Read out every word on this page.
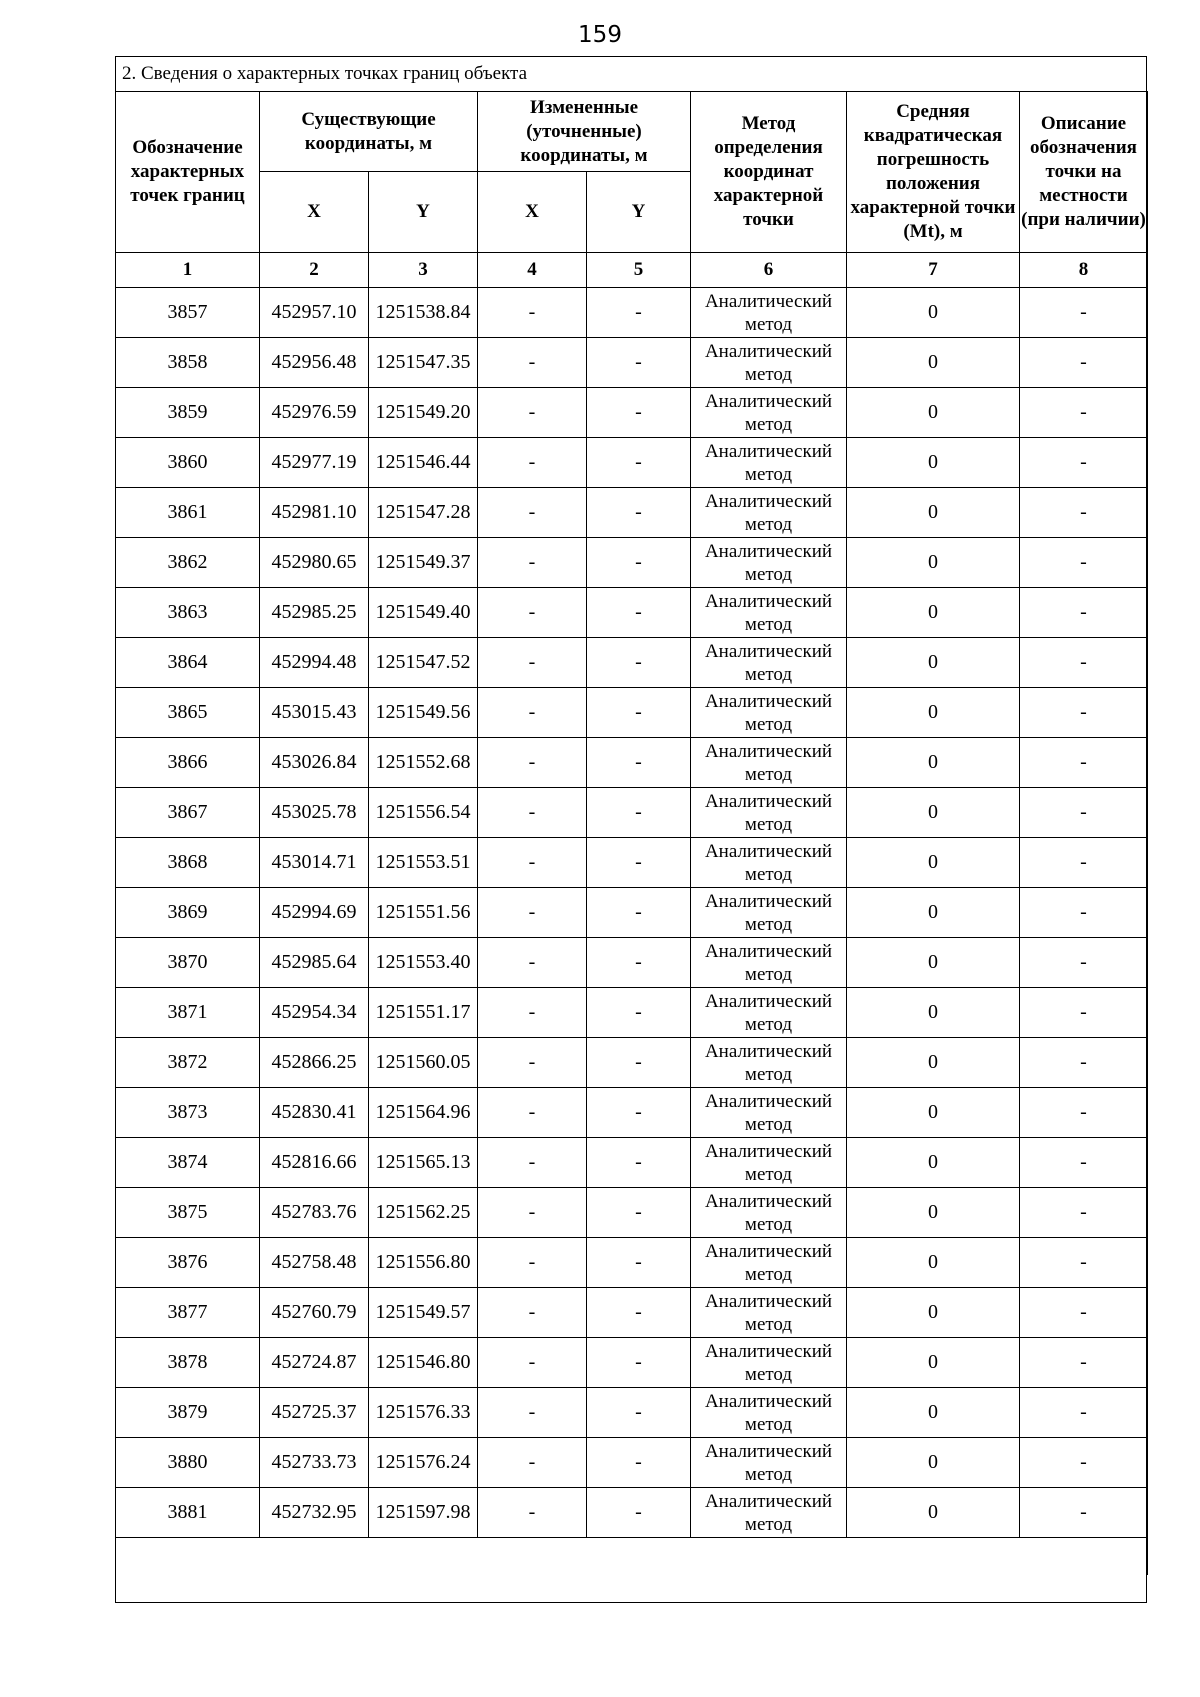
159
2. Сведения о характерных точках границ объекта
Обозначение характерных точек границ	Существующие координаты, м		Измененные (уточненные) координаты, м		Метод определения координат характерной точки	Средняя квадратическая погрешность положения характерной точки (Mt), м	Описание обозначения точки на местности (при наличии)
	X	Y	X	Y			
1	2	3	4	5	6	7	8
3857	452957.10	1251538.84	-	-	Аналитический метод	0	-
3858	452956.48	1251547.35	-	-	Аналитический метод	0	-
3859	452976.59	1251549.20	-	-	Аналитический метод	0	-
3860	452977.19	1251546.44	-	-	Аналитический метод	0	-
3861	452981.10	1251547.28	-	-	Аналитический метод	0	-
3862	452980.65	1251549.37	-	-	Аналитический метод	0	-
3863	452985.25	1251549.40	-	-	Аналитический метод	0	-
3864	452994.48	1251547.52	-	-	Аналитический метод	0	-
3865	453015.43	1251549.56	-	-	Аналитический метод	0	-
3866	453026.84	1251552.68	-	-	Аналитический метод	0	-
3867	453025.78	1251556.54	-	-	Аналитический метод	0	-
3868	453014.71	1251553.51	-	-	Аналитический метод	0	-
3869	452994.69	1251551.56	-	-	Аналитический метод	0	-
3870	452985.64	1251553.40	-	-	Аналитический метод	0	-
3871	452954.34	1251551.17	-	-	Аналитический метод	0	-
3872	452866.25	1251560.05	-	-	Аналитический метод	0	-
3873	452830.41	1251564.96	-	-	Аналитический метод	0	-
3874	452816.66	1251565.13	-	-	Аналитический метод	0	-
3875	452783.76	1251562.25	-	-	Аналитический метод	0	-
3876	452758.48	1251556.80	-	-	Аналитический метод	0	-
3877	452760.79	1251549.57	-	-	Аналитический метод	0	-
3878	452724.87	1251546.80	-	-	Аналитический метод	0	-
3879	452725.37	1251576.33	-	-	Аналитический метод	0	-
3880	452733.73	1251576.24	-	-	Аналитический метод	0	-
3881	452732.95	1251597.98	-	-	Аналитический метод	0	-
